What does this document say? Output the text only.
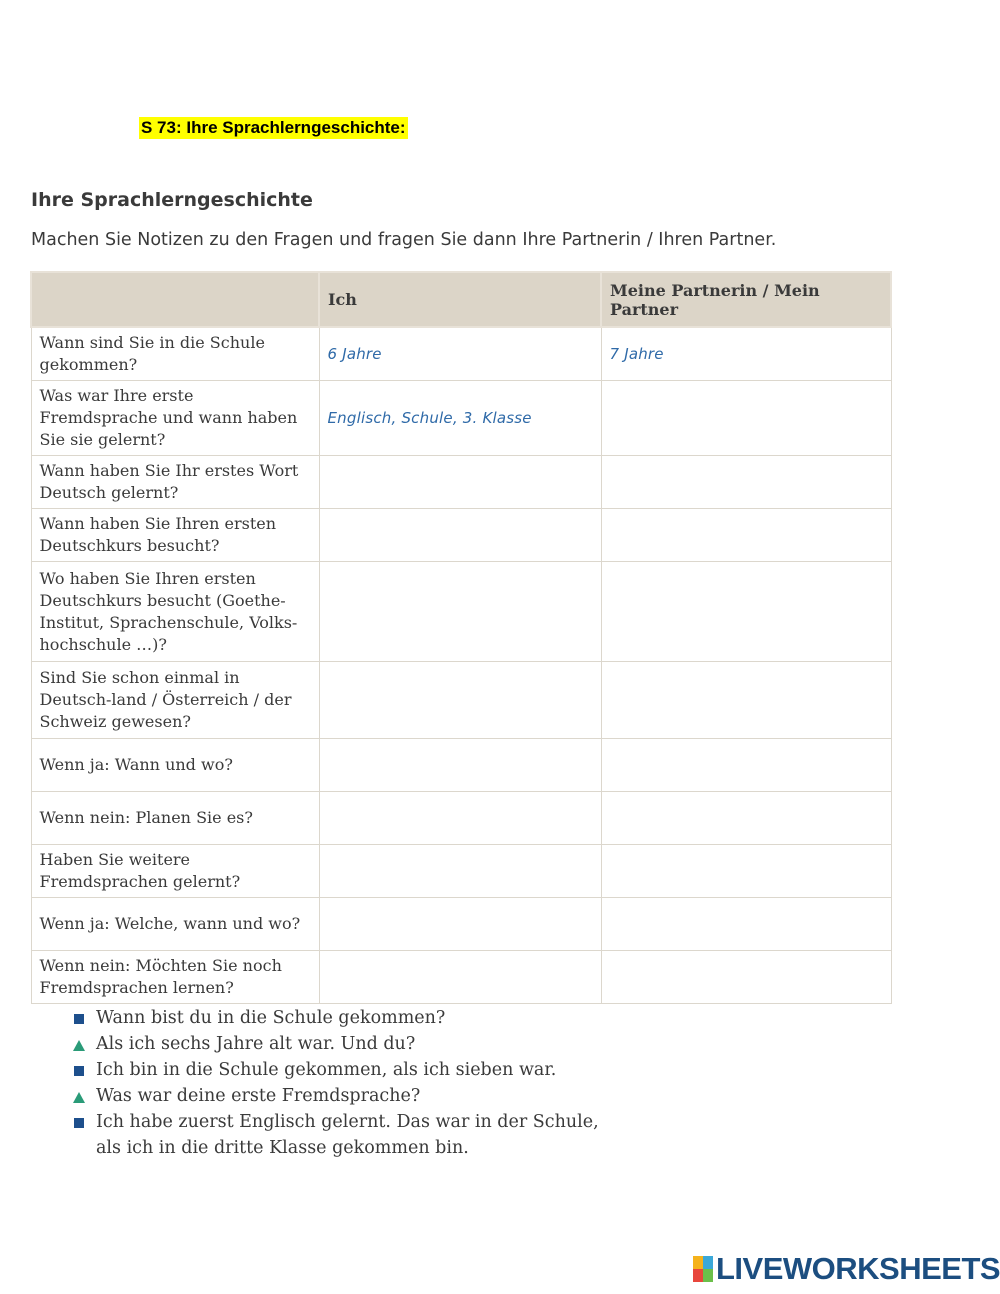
S 73: Ihre Sprachlerngeschichte:
Ihre Sprachlerngeschichte

Machen Sie Notizen zu den Fragen und fragen Sie dann Ihre Partnerin / Ihren Partner.

	Ich	Meine Partnerin / Mein Partner
Wann sind Sie in die Schule gekommen?	6 Jahre	7 Jahre
Was war Ihre erste Fremdsprache und wann haben Sie sie gelernt?	Englisch, Schule, 3. Klasse	
Wann haben Sie Ihr erstes Wort Deutsch gelernt?		
Wann haben Sie Ihren ersten Deutschkurs besucht?		
Wo haben Sie Ihren ersten Deutschkurs besucht (Goethe-Institut, Sprachenschule, Volks-hochschule …)?		
Sind Sie schon einmal in Deutsch-land / Österreich / der Schweiz gewesen?		
Wenn ja: Wann und wo?		
Wenn nein: Planen Sie es?		
Haben Sie weitere Fremdsprachen gelernt?		
Wenn ja: Welche, wann und wo?		
Wenn nein: Möchten Sie noch Fremdsprachen lernen?		
Wann bist du in die Schule gekommen?
Als ich sechs Jahre alt war. Und du?
Ich bin in die Schule gekommen, als ich sieben war.
Was war deine erste Fremdsprache?
Ich habe zuerst Englisch gelernt. Das war in der Schule,
als ich in die dritte Klasse gekommen bin.
LIVEWORKSHEETS
